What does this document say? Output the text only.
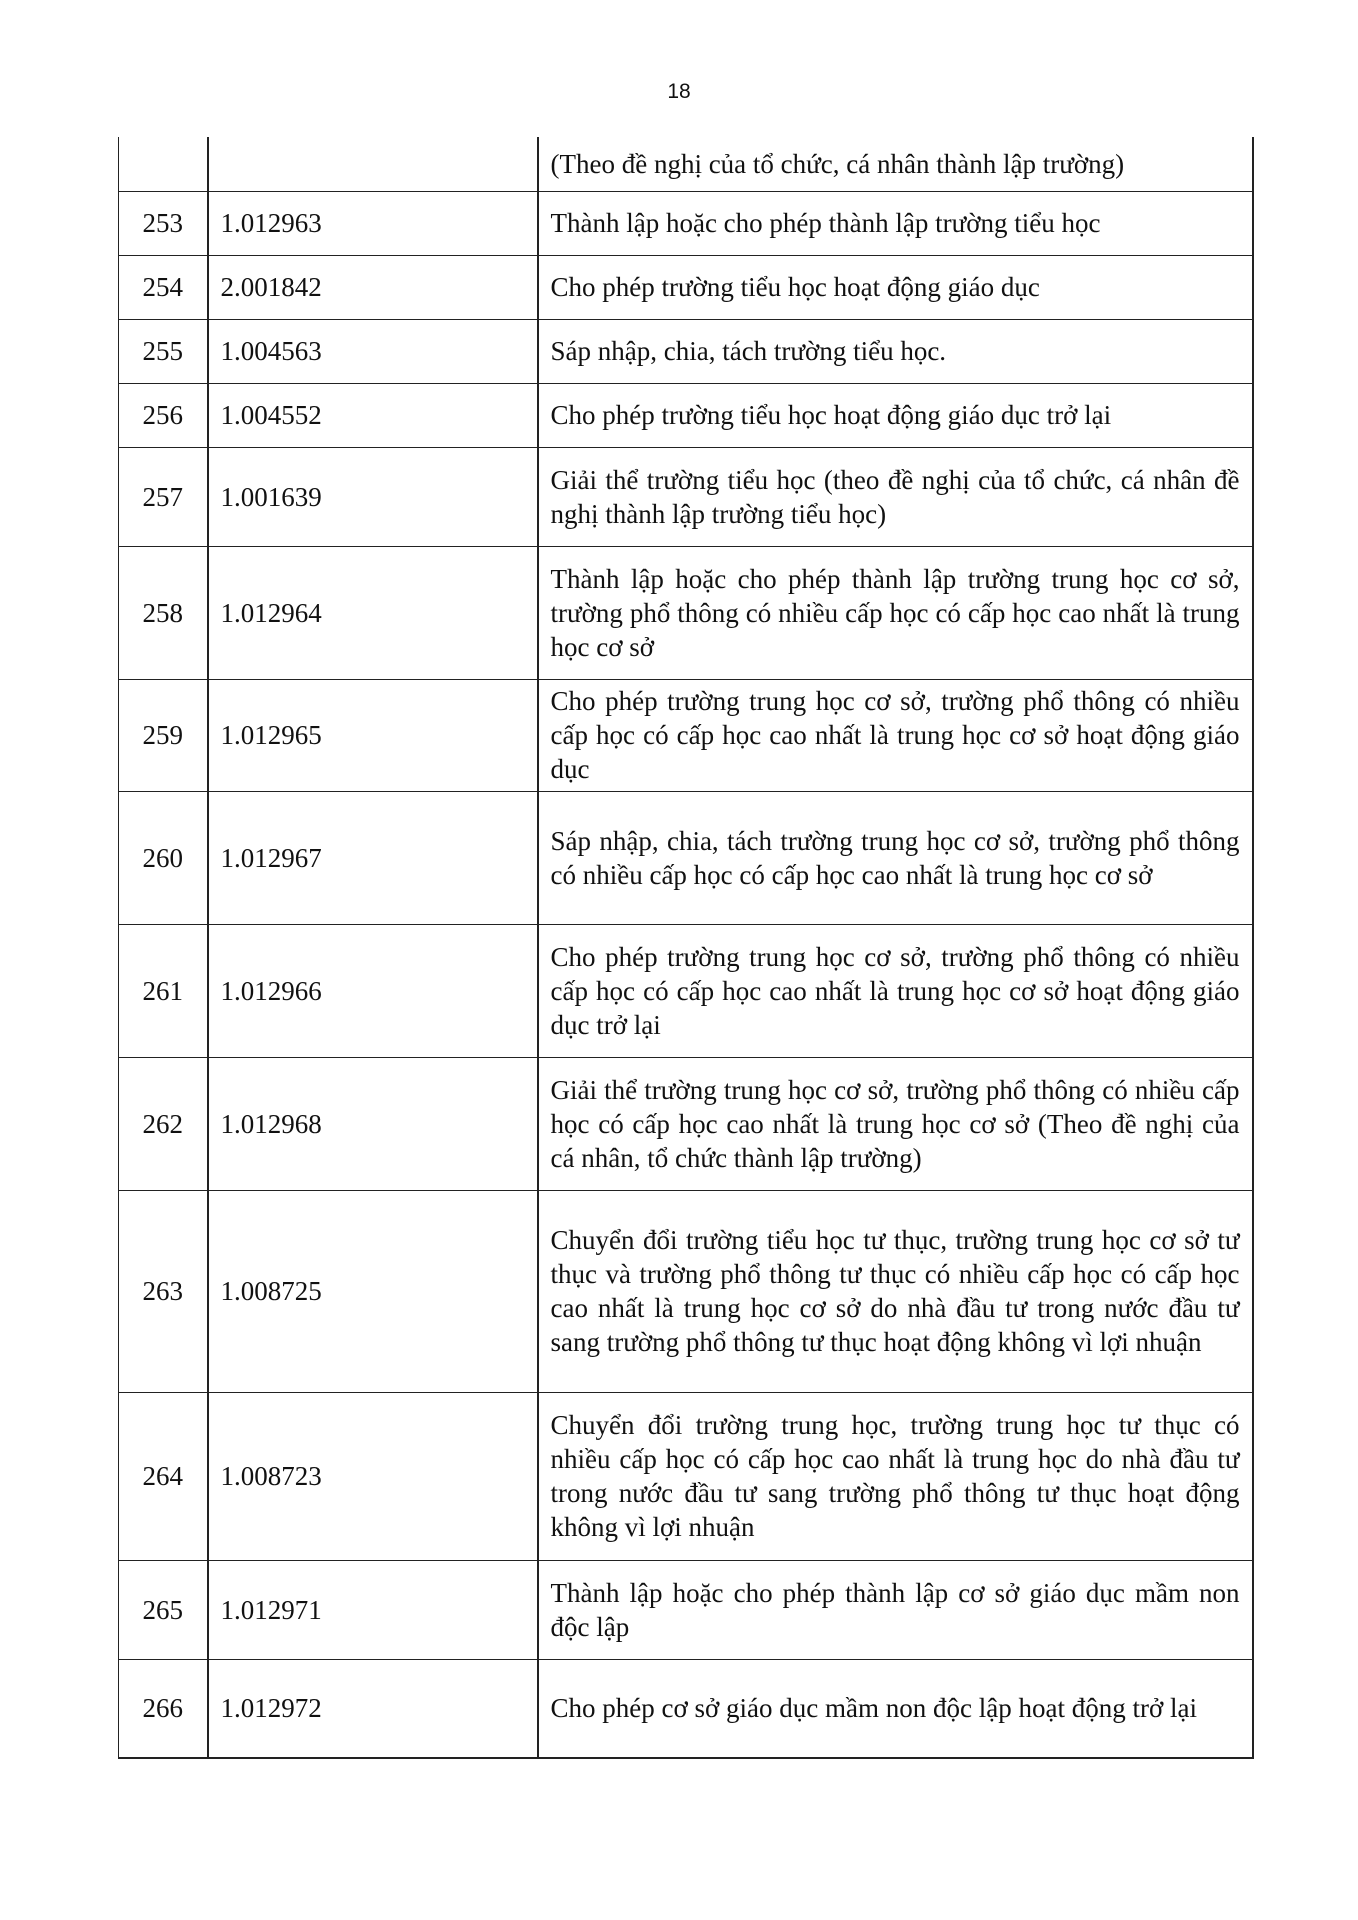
18
		(Theo đề nghị của tổ chức, cá nhân thành lập trường)
253	1.012963	Thành lập hoặc cho phép thành lập trường tiểu học
254	2.001842	Cho phép trường tiểu học hoạt động giáo dục
255	1.004563	Sáp nhập, chia, tách trường tiểu học.
256	1.004552	Cho phép trường tiểu học hoạt động giáo dục trở lại
257	1.001639	Giải thể trường tiểu học (theo đề nghị của tổ chức, cá nhân đề nghị thành lập trường tiểu học)
258	1.012964	Thành lập hoặc cho phép thành lập trường trung học cơ sở, trường phổ thông có nhiều cấp học có cấp học cao nhất là trung học cơ sở
259	1.012965	Cho phép trường trung học cơ sở, trường phổ thông có nhiều cấp học có cấp học cao nhất là trung học cơ sở hoạt động giáo dục
260	1.012967	Sáp nhập, chia, tách trường trung học cơ sở, trường phổ thông có nhiều cấp học có cấp học cao nhất là trung học cơ sở
261	1.012966	Cho phép trường trung học cơ sở, trường phổ thông có nhiều cấp học có cấp học cao nhất là trung học cơ sở hoạt động giáo dục trở lại
262	1.012968	Giải thể trường trung học cơ sở, trường phổ thông có nhiều cấp học có cấp học cao nhất là trung học cơ sở (Theo đề nghị của cá nhân, tổ chức thành lập trường)
263	1.008725	Chuyển đổi trường tiểu học tư thục, trường trung học cơ sở tư thục và trường phổ thông tư thục có nhiều cấp học có cấp học cao nhất là trung học cơ sở do nhà đầu tư trong nước đầu tư sang trường phổ thông tư thục hoạt động không vì lợi nhuận
264	1.008723	Chuyển đổi trường trung học, trường trung học tư thục có nhiều cấp học có cấp học cao nhất là trung học do nhà đầu tư trong nước đầu tư sang trường phổ thông tư thục hoạt động không vì lợi nhuận
265	1.012971	Thành lập hoặc cho phép thành lập cơ sở giáo dục mầm non độc lập
266	1.012972	Cho phép cơ sở giáo dục mầm non độc lập hoạt động trở lại
